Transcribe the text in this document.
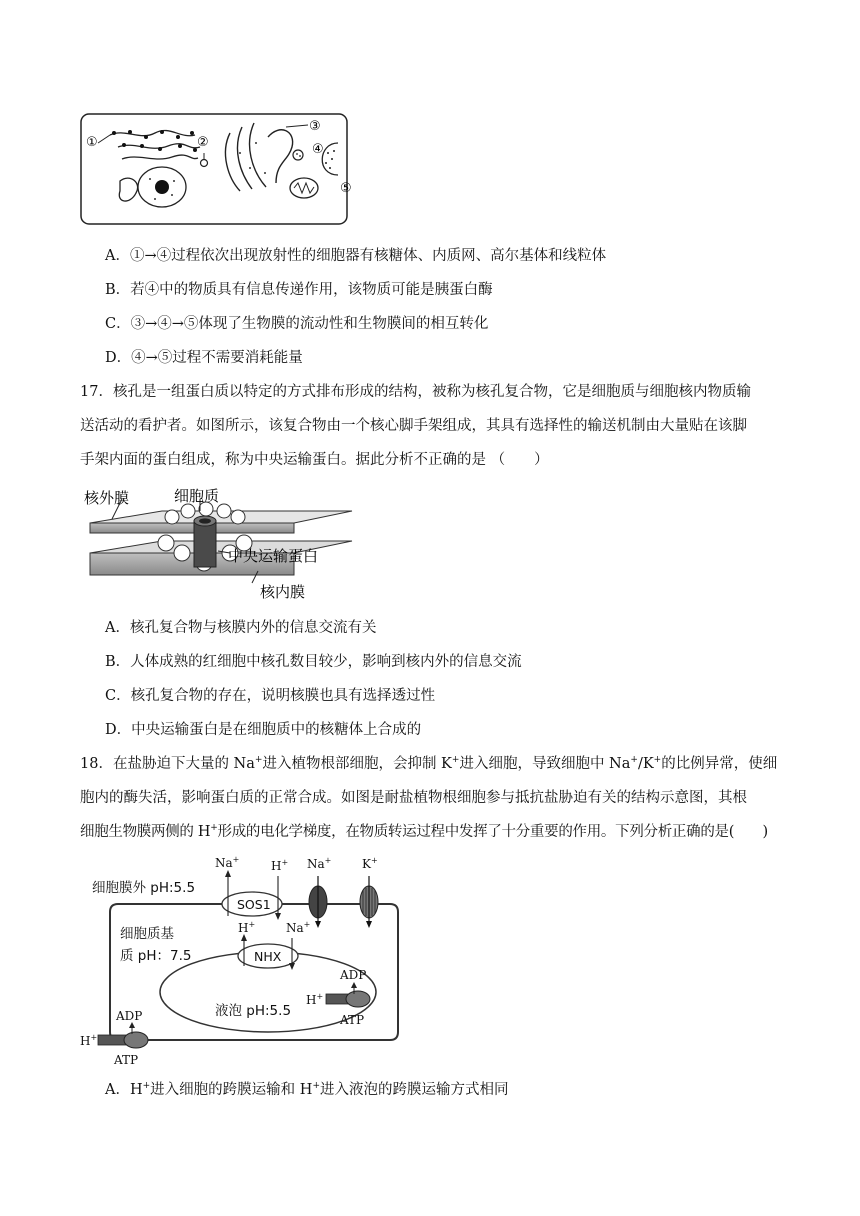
①	②
③
④
⑤
A．①→④过程依次出现放射性的细胞器有核糖体、内质网、高尔基体和线粒体
B．若④中的物质具有信息传递作用，该物质可能是胰蛋白酶
C．③→④→⑤体现了生物膜的流动性和生物膜间的相互转化
D．④→⑤过程不需要消耗能量
17．核孔是一组蛋白质以特定的方式排布形成的结构，被称为核孔复合物，它是细胞质与细胞核内物质输
送活动的看护者。如图所示，该复合物由一个核心脚手架组成，其具有选择性的输送机制由大量贴在该脚
手架内面的蛋白组成，称为中央运输蛋白。据此分析不正确的是 （　　）
核外膜	细胞质
中央运输蛋白
核内膜
A．核孔复合物与核膜内外的信息交流有关
B．人体成熟的红细胞中核孔数目较少，影响到核内外的信息交流
C．核孔复合物的存在，说明核膜也具有选择透过性
D．中央运输蛋白是在细胞质中的核糖体上合成的
18．在盐胁迫下大量的 Na+进入植物根部细胞，会抑制 K+进入细胞，导致细胞中 Na+/K+的比例异常，使细
胞内的酶失活，影响蛋白质的正常合成。如图是耐盐植物根细胞参与抵抗盐胁迫有关的结构示意图，其根
细胞生物膜两侧的 H+形成的电化学梯度，在物质转运过程中发挥了十分重要的作用。下列分析正确的是(　　)
细胞膜外 pH:5.5
SOS1
Na+	H+ Na+	K+
细胞质基
质 pH：7.5
液泡 pH:5.5
NHX
H+	Na+
ADP
ATP
H+
ADP
ATP
H+
A．H+进入细胞的跨膜运输和 H+进入液泡的跨膜运输方式相同
